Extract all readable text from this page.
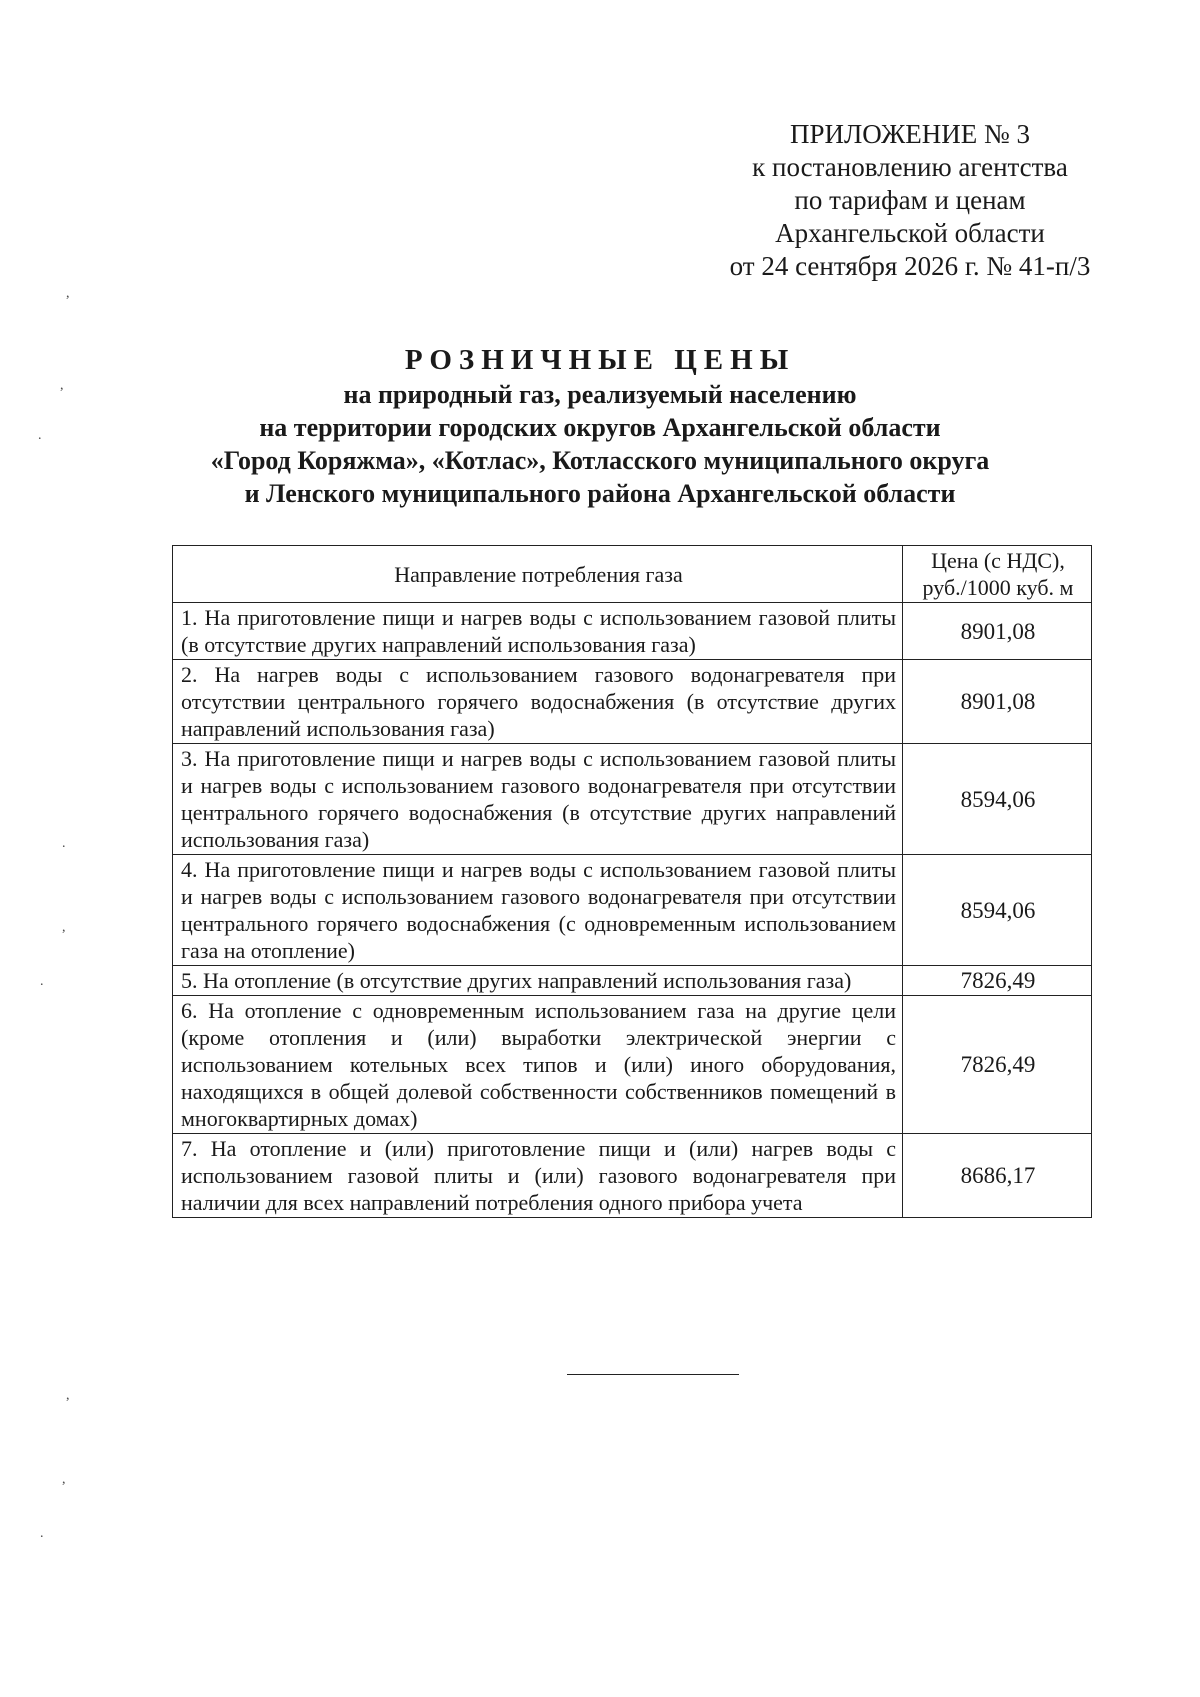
ПРИЛОЖЕНИЕ № 3
к постановлению агентства
по тарифам и ценам
Архангельской области
от 24 сентября 2026 г. № 41-п/3
РОЗНИЧНЫЕ ЦЕНЫ
на природный газ, реализуемый населению
на территории городских округов Архангельской области
«Город Коряжма», «Котлас», Котласского муниципального округа
и Ленского муниципального района Архангельской области
Направление потребления газа	Цена (с НДС), руб./1000 куб. м
1. На приготовление пищи и нагрев воды с использованием газовой плиты (в отсутствие других направлений использования газа)	8901,08
2. На нагрев воды с использованием газового водонагревателя при отсутствии центрального горячего водоснабжения (в отсутствие других направлений использования газа)	8901,08
3. На приготовление пищи и нагрев воды с использованием газовой плиты и нагрев воды с использованием газового водонагревателя при отсутствии центрального горячего водоснабжения (в отсутствие других направлений использования газа)	8594,06
4. На приготовление пищи и нагрев воды с использованием газовой плиты и нагрев воды с использованием газового водонагревателя при отсутствии центрального горячего водоснабжения (с одновременным использованием газа на отопление)	8594,06
5. На отопление (в отсутствие других направлений использования газа)	7826,49
6. На отопление с одновременным использованием газа на другие цели (кроме отопления и (или) выработки электрической энергии с использованием котельных всех типов и (или) иного оборудования, находящихся в общей долевой собственности собственников помещений в многоквартирных домах)	7826,49
7. На отопление и (или) приготовление пищи и (или) нагрев воды с использованием газовой плиты и (или) газового водонагревателя при наличии для всех направлений потребления одного прибора учета	8686,17
,
,
.
.
,
.
,
,
.
